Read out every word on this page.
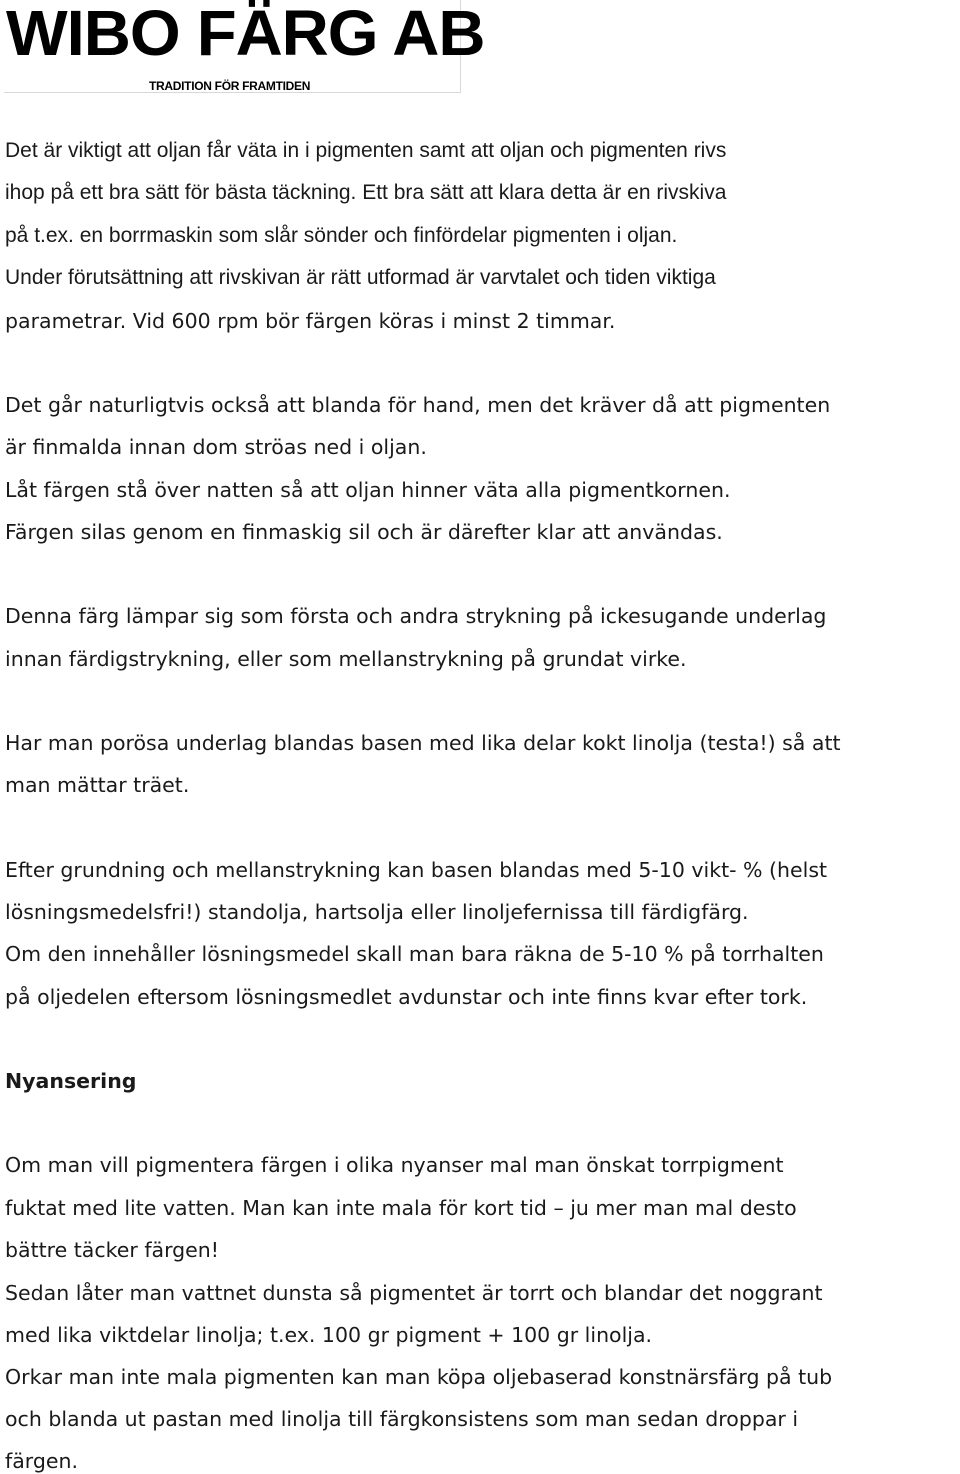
WIBO FÄRG AB
TRADITION FÖR FRAMTIDEN
Det är viktigt att oljan får väta in i pigmenten samt att oljan och pigmenten rivs
ihop på ett bra sätt för bästa täckning. Ett bra sätt att klara detta är en rivskiva
på t.ex. en borrmaskin som slår sönder och finfördelar pigmenten i oljan.
Under förutsättning att rivskivan är rätt utformad är varvtalet och tiden viktiga
parametrar. Vid 600 rpm bör färgen köras i minst 2 timmar.
Det går naturligtvis också att blanda för hand, men det kräver då att pigmenten
är finmalda innan dom ströas ned i oljan.
Låt färgen stå över natten så att oljan hinner väta alla pigmentkornen.
Färgen silas genom en finmaskig sil och är därefter klar att användas.
Denna färg lämpar sig som första och andra strykning på ickesugande underlag
innan färdigstrykning, eller som mellanstrykning på grundat virke.
Har man porösa underlag blandas basen med lika delar kokt linolja (testa!) så att
man mättar träet.
Efter grundning och mellanstrykning kan basen blandas med 5-10 vikt- % (helst
lösningsmedelsfri!) standolja, hartsolja eller linoljefernissa till färdigfärg.
Om den innehåller lösningsmedel skall man bara räkna de 5-10 % på torrhalten
på oljedelen eftersom lösningsmedlet avdunstar och inte finns kvar efter tork.
Nyansering
Om man vill pigmentera färgen i olika nyanser mal man önskat torrpigment
fuktat med lite vatten. Man kan inte mala för kort tid – ju mer man mal desto
bättre täcker färgen!
Sedan låter man vattnet dunsta så pigmentet är torrt och blandar det noggrant
med lika viktdelar linolja; t.ex. 100 gr pigment + 100 gr linolja.
Orkar man inte mala pigmenten kan man köpa oljebaserad konstnärsfärg på tub
och blanda ut pastan med linolja till färgkonsistens som man sedan droppar i
färgen.
